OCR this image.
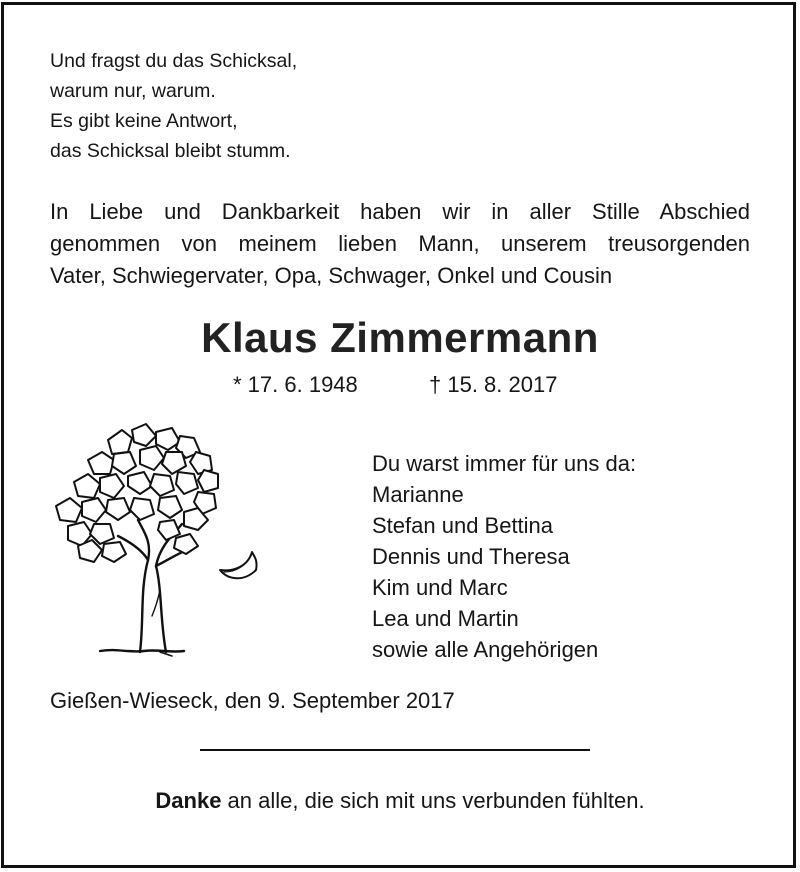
Und fragst du das Schicksal,
warum nur, warum.
Es gibt keine Antwort,
das Schicksal bleibt stumm.
In Liebe und Dankbarkeit haben wir in aller Stille Abschied
genommen von meinem lieben Mann, unserem treusorgenden
Vater, Schwiegervater, Opa, Schwager, Onkel und Cousin
Klaus Zimmermann
* 17. 6. 1948	† 15. 8. 2017
Du warst immer für uns da:
Marianne
Stefan und Bettina
Dennis und Theresa
Kim und Marc
Lea und Martin
sowie alle Angehörigen
Gießen-Wieseck, den 9. September 2017
Danke an alle, die sich mit uns verbunden fühlten.
